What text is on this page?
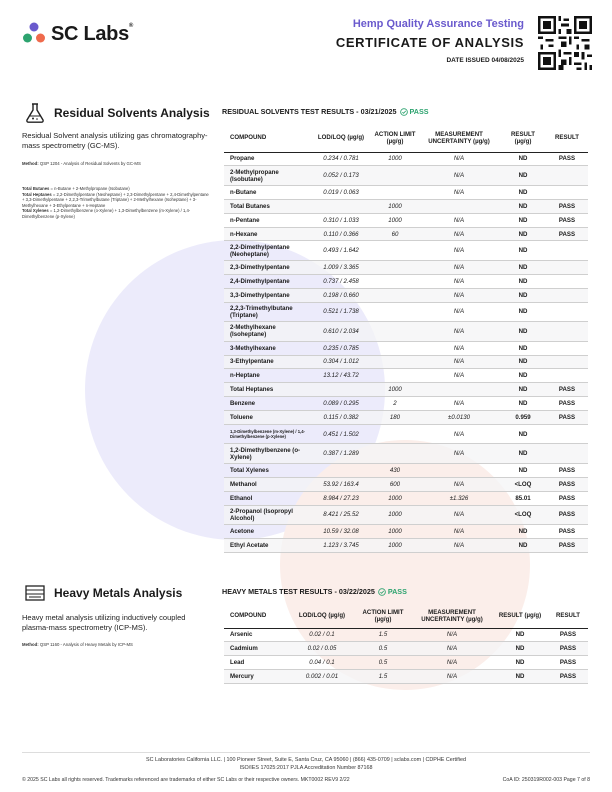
SC Labs®	Hemp Quality Assurance Testing
CERTIFICATE OF ANALYSIS
DATE ISSUED 04/08/2025
Residual Solvents Analysis
Residual Solvent analysis utilizing gas chromatography-mass spectrometry (GC-MS).
Method: QSP 1204 - Analysis of Residual Solvents by GC-MS
Total Butanes = n-Butane + 2-Methylpropane (Isobutane)
Total Heptanes = 2,2-Dimethylpentane (Neoheptane) + 2,3-Dimethylpentane + 2,4-Dimethylpentane + 3,3-Dimethylpentane + 2,2,3-Trimethylbutane (Triptane) + 2-Methylhexane (Isoheptane) + 3-Methylhexane + 3-Ethylpentane + n-Heptane
Total Xylenes = 1,2-Dimethylbenzene (o-Xylene) + 1,3-Dimethylbenzene (m-Xylene) / 1,4-Dimethylbenzene (p-Xylene)
RESIDUAL SOLVENTS TEST RESULTS - 03/21/2025 PASS
COMPOUND	LOD/LOQ (µg/g)	ACTION LIMIT (µg/g)	MEASUREMENT UNCERTAINTY (µg/g)	RESULT (µg/g)	RESULT
Propane	0.234 / 0.781	1000	N/A	ND	PASS
2-Methylpropane (Isobutane)	0.052 / 0.173		N/A	ND	
n-Butane	0.019 / 0.063		N/A	ND	
Total Butanes		1000		ND	PASS
n-Pentane	0.310 / 1.033	1000	N/A	ND	PASS
n-Hexane	0.110 / 0.366	60	N/A	ND	PASS
2,2-Dimethylpentane (Neoheptane)	0.493 / 1.642		N/A	ND	
2,3-Dimethylpentane	1.009 / 3.365		N/A	ND	
2,4-Dimethylpentane	0.737 / 2.458		N/A	ND	
3,3-Dimethylpentane	0.198 / 0.660		N/A	ND	
2,2,3-Trimethylbutane (Triptane)	0.521 / 1.738		N/A	ND	
2-Methylhexane (Isoheptane)	0.610 / 2.034		N/A	ND	
3-Methylhexane	0.235 / 0.785		N/A	ND	
3-Ethylpentane	0.304 / 1.012		N/A	ND	
n-Heptane	13.12 / 43.72		N/A	ND	
Total Heptanes		1000		ND	PASS
Benzene	0.089 / 0.295	2	N/A	ND	PASS
Toluene	0.115 / 0.382	180	±0.0130	0.959	PASS
1,3-Dimethylbenzene (m-Xylene) / 1,4-Dimethylbenzene (p-Xylene)	0.451 / 1.502		N/A	ND	
1,2-Dimethylbenzene (o-Xylene)	0.387 / 1.289		N/A	ND	
Total Xylenes		430		ND	PASS
Methanol	53.92 / 163.4	600	N/A	<LOQ	PASS
Ethanol	8.984 / 27.23	1000	±1.326	85.01	PASS
2-Propanol (Isopropyl Alcohol)	8.421 / 25.52	1000	N/A	<LOQ	PASS
Acetone	10.59 / 32.08	1000	N/A	ND	PASS
Ethyl Acetate	1.123 / 3.745	1000	N/A	ND	PASS
Heavy Metals Analysis
Heavy metal analysis utilizing inductively coupled plasma-mass spectrometry (ICP-MS).
Method: QSP 1160 - Analysis of Heavy Metals by ICP-MS
HEAVY METALS TEST RESULTS - 03/22/2025 PASS
COMPOUND	LOD/LOQ (µg/g)	ACTION LIMIT (µg/g)	MEASUREMENT UNCERTAINTY (µg/g)	RESULT (µg/g)	RESULT
Arsenic	0.02 / 0.1	1.5	N/A	ND	PASS
Cadmium	0.02 / 0.05	0.5	N/A	ND	PASS
Lead	0.04 / 0.1	0.5	N/A	ND	PASS
Mercury	0.002 / 0.01	1.5	N/A	ND	PASS
SC Laboratories California LLC. | 100 Pioneer Street, Suite E, Santa Cruz, CA 95060 | (866) 435-0709 | sclabs.com | CDPHE Certified
ISO/IES 17025:2017 PJLA Accreditation Number 87168
© 2025 SC Labs all rights reserved. Trademarks referenced are trademarks of either SC Labs or their respective owners. MKT0002 REV9 2/22	CoA ID: 250319R002-003 Page 7 of 8
